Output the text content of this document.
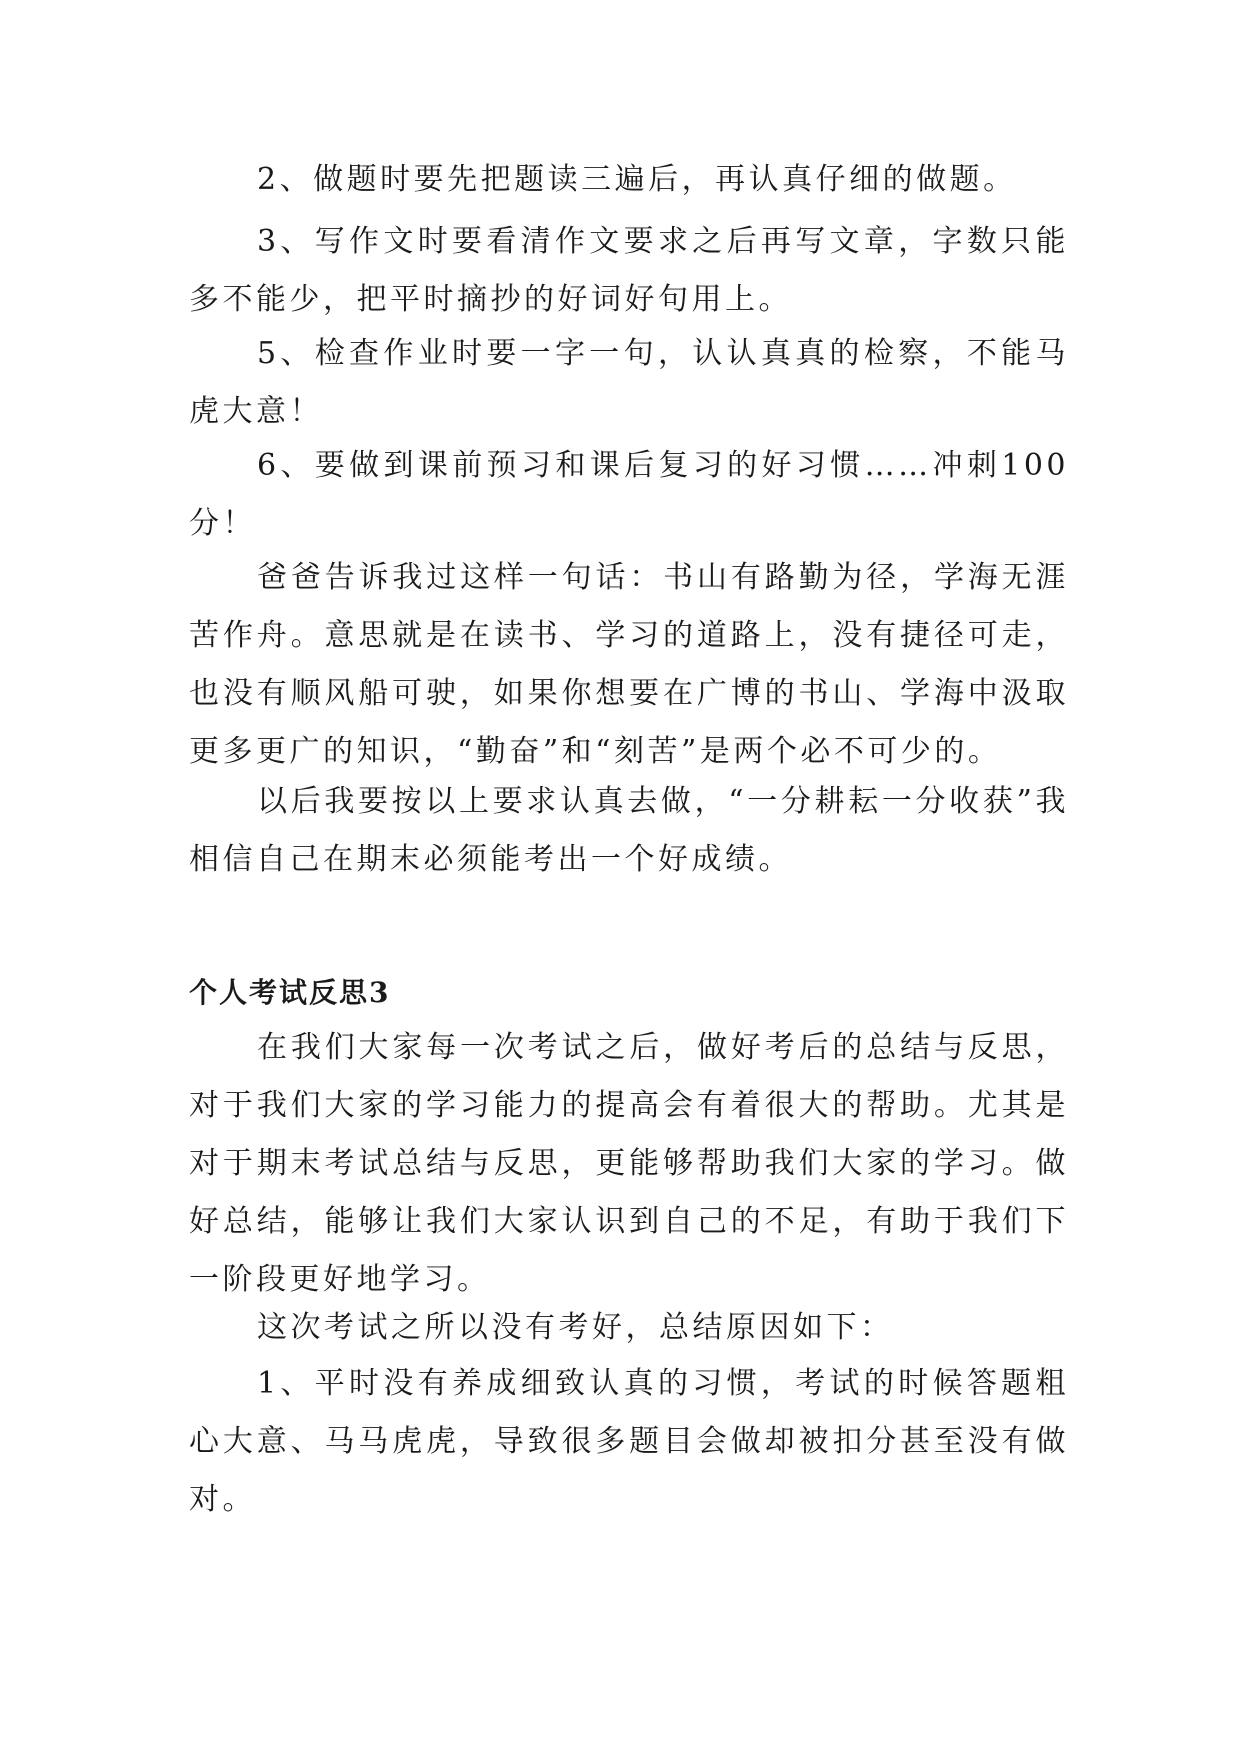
2、做题时要先把题读三遍后，再认真仔细的做题。

3、写作文时要看清作文要求之后再写文章，字数只能多不能少，把平时摘抄的好词好句用上。

5、检查作业时要一字一句，认认真真的检察，不能马虎大意！

6、要做到课前预习和课后复习的好习惯……冲刺100分！

爸爸告诉我过这样一句话：书山有路勤为径，学海无涯苦作舟。意思就是在读书、学习的道路上，没有捷径可走，也没有顺风船可驶，如果你想要在广博的书山、学海中汲取更多更广的知识，“勤奋”和“刻苦”是两个必不可少的。

以后我要按以上要求认真去做，“一分耕耘一分收获”我相信自己在期末必须能考出一个好成绩。

个人考试反思3

在我们大家每一次考试之后，做好考后的总结与反思，对于我们大家的学习能力的提高会有着很大的帮助。尤其是对于期末考试总结与反思，更能够帮助我们大家的学习。做好总结，能够让我们大家认识到自己的不足，有助于我们下一阶段更好地学习。

这次考试之所以没有考好，总结原因如下：

1、平时没有养成细致认真的习惯，考试的时候答题粗心大意、马马虎虎，导致很多题目会做却被扣分甚至没有做对。
